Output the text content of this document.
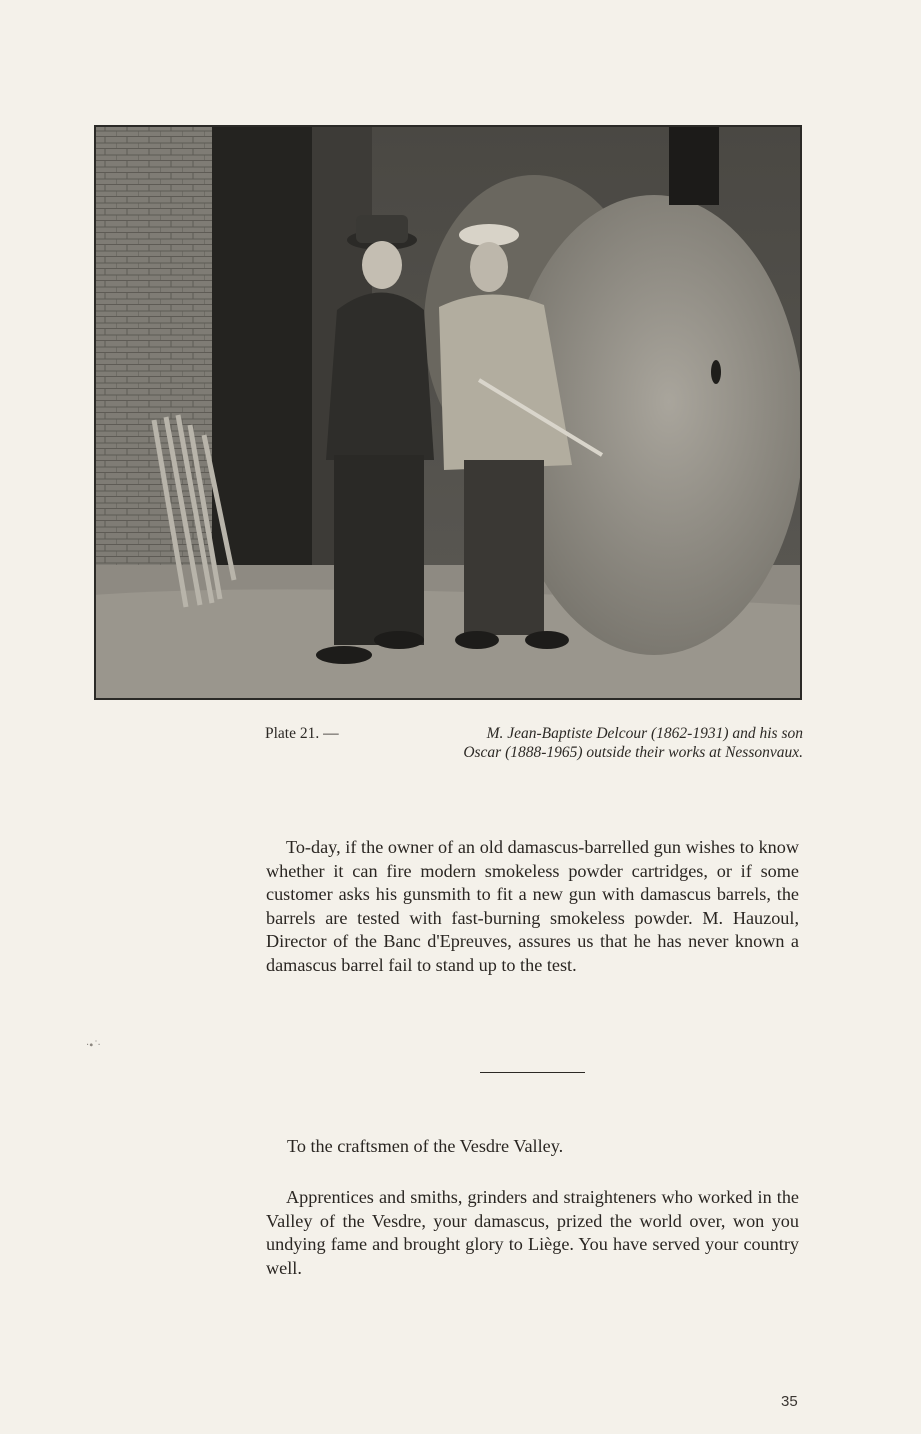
Plate 21. —	M. Jean-Baptiste Delcour (1862-1931) and his son
Oscar (1888-1965) outside their works at Nessonvaux.

To-day, if the owner of an old damascus-barrelled gun wishes to know whether it can fire modern smokeless powder cartridges, or if some customer asks his gunsmith to fit a new gun with damascus barrels, the barrels are tested with fast-burning smokeless powder. M. Hauzoul, Director of the Banc d'Epreuves, assures us that he has never known a damascus barrel fail to stand up to the test.

·∙˙·
To the craftsmen of the Vesdre Valley.

Apprentices and smiths, grinders and straighteners who worked in the Valley of the Vesdre, your damascus, prized the world over, won you undying fame and brought glory to Liège. You have served your country well.

35
